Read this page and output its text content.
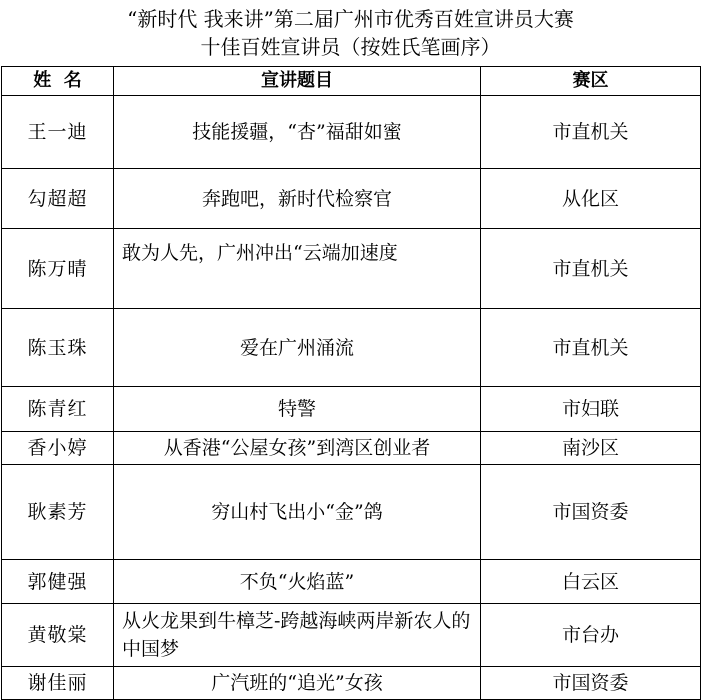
“新时代 我来讲”第二届广州市优秀百姓宣讲员大赛
十佳百姓宣讲员（按姓氏笔画序）
姓  名	宣讲题目	赛区
王一迪	技能援疆，“杏”福甜如蜜	市直机关
勾超超	奔跑吧，新时代检察官	从化区
陈万晴	敢为人先，广州冲出“云端加速度	市直机关
陈玉珠	爱在广州涌流	市直机关
陈青红	特警	市妇联
香小婷	从香港“公屋女孩”到湾区创业者	南沙区
耿素芳	穷山村飞出小“金”鸽	市国资委
郭健强	不负“火焰蓝”	白云区
黄敬棠	从火龙果到牛樟芝-跨越海峡两岸新农人的中国梦	市台办
谢佳丽	广汽班的“追光”女孩	市国资委
